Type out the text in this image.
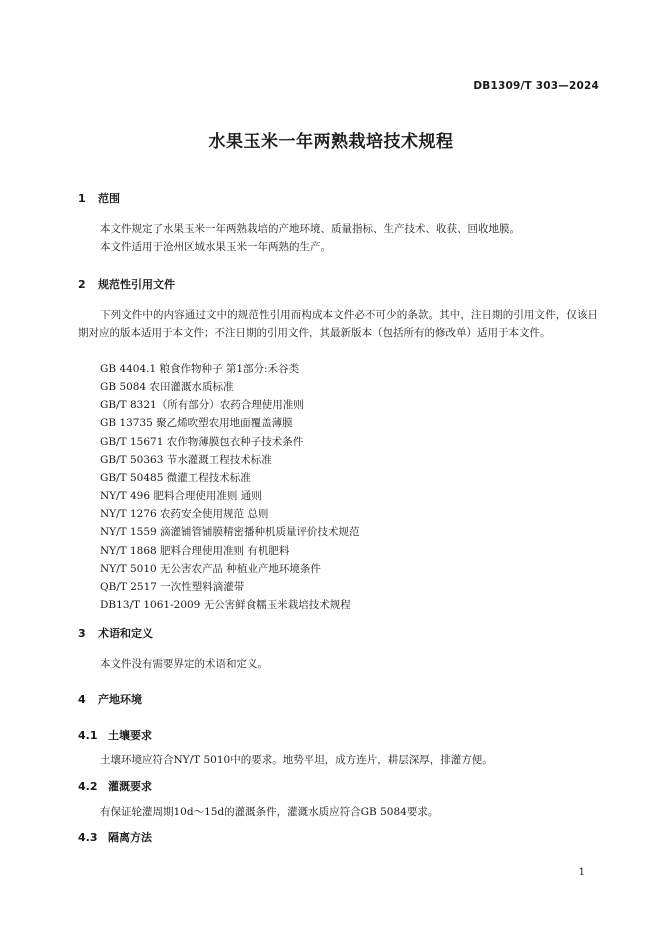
DB1309/T 303—2024
水果玉米一年两熟栽培技术规程
1 范围
本文件规定了水果玉米一年两熟栽培的产地环境、质量指标、生产技术、收获、回收地膜。
本文件适用于沧州区域水果玉米一年两熟的生产。
2 规范性引用文件
下列文件中的内容通过文中的规范性引用而构成本文件必不可少的条款。其中，注日期的引用文件，仅该日期对应的版本适用于本文件；不注日期的引用文件，其最新版本（包括所有的修改单）适用于本文件。
GB 4404.1 粮食作物种子 第1部分:禾谷类
GB 5084 农田灌溉水质标准
GB/T 8321（所有部分）农药合理使用准则
GB 13735 聚乙烯吹塑农用地面覆盖薄膜
GB/T 15671 农作物薄膜包衣种子技术条件
GB/T 50363 节水灌溉工程技术标准
GB/T 50485 微灌工程技术标准
NY/T 496 肥料合理使用准则 通则
NY/T 1276 农药安全使用规范 总则
NY/T 1559 滴灌铺管铺膜精密播种机质量评价技术规范
NY/T 1868 肥料合理使用准则 有机肥料
NY/T 5010 无公害农产品 种植业产地环境条件
QB/T 2517 一次性塑料滴灌带
DB13/T 1061-2009 无公害鲜食糯玉米栽培技术规程
3 术语和定义
本文件没有需要界定的术语和定义。
4 产地环境
4.1 土壤要求
土壤环境应符合NY/T 5010中的要求。地势平坦，成方连片，耕层深厚，排灌方便。
4.2 灌溉要求
有保证轮灌周期10d～15d的灌溉条件，灌溉水质应符合GB 5084要求。
4.3 隔离方法
1
